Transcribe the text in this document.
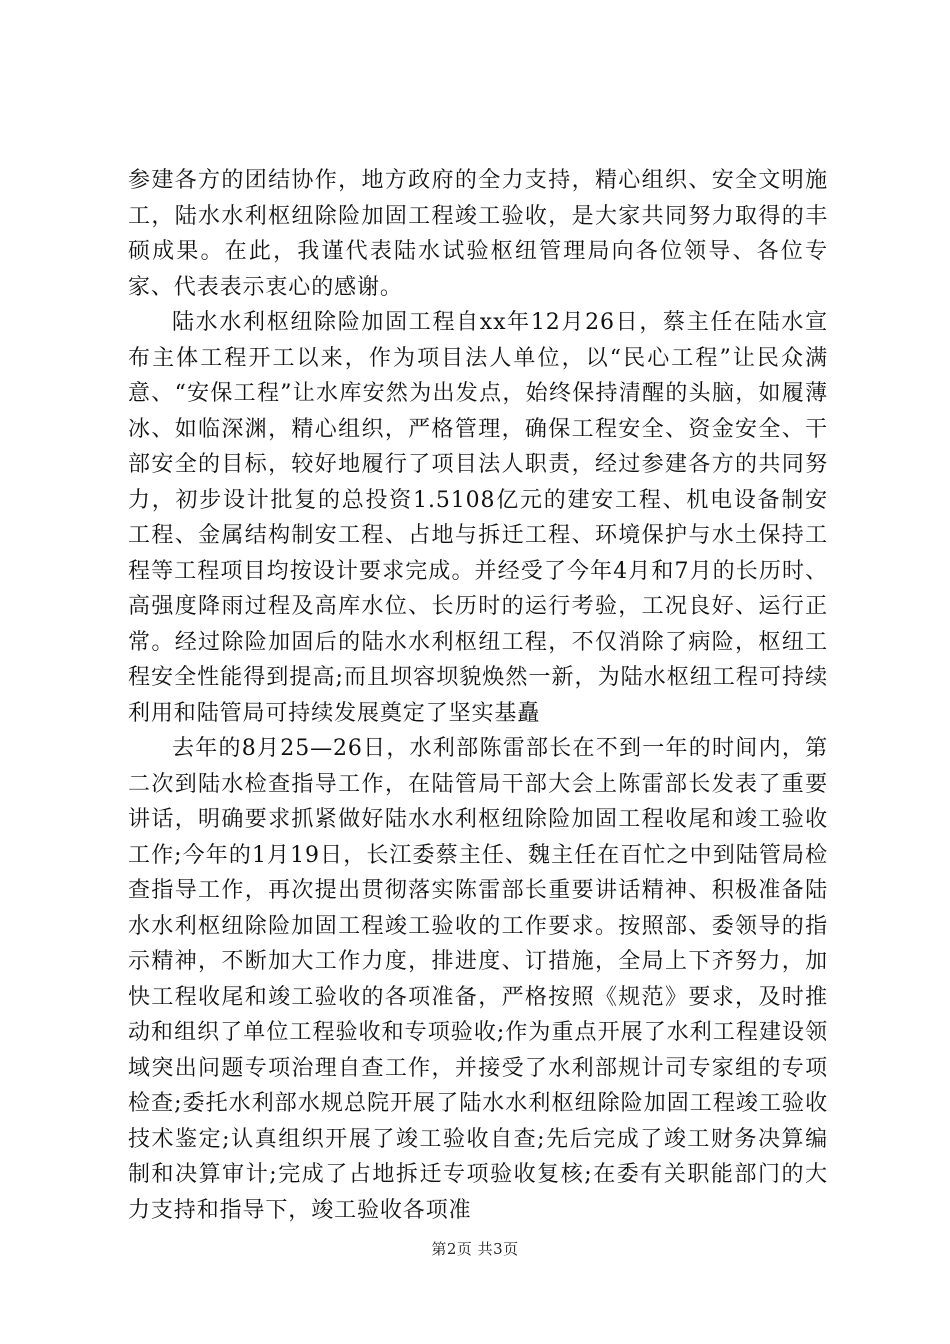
参建各方的团结协作，地方政府的全力支持，精心组织、安全文明施工，陆水水利枢纽除险加固工程竣工验收，是大家共同努力取得的丰硕成果。在此，我谨代表陆水试验枢纽管理局向各位领导、各位专家、代表表示衷心的感谢。

陆水水利枢纽除险加固工程自xx年12月26日，蔡主任在陆水宣布主体工程开工以来，作为项目法人单位，以“民心工程”让民众满意、“安保工程”让水库安然为出发点，始终保持清醒的头脑，如履薄冰、如临深渊，精心组织，严格管理，确保工程安全、资金安全、干部安全的目标，较好地履行了项目法人职责，经过参建各方的共同努力，初步设计批复的总投资1.5108亿元的建安工程、机电设备制安工程、金属结构制安工程、占地与拆迁工程、环境保护与水土保持工程等工程项目均按设计要求完成。并经受了今年4月和7月的长历时、高强度降雨过程及高库水位、长历时的运行考验，工况良好、运行正常。经过除险加固后的陆水水利枢纽工程，不仅消除了病险，枢纽工程安全性能得到提高;而且坝容坝貌焕然一新，为陆水枢纽工程可持续利用和陆管局可持续发展奠定了坚实基矗

去年的8月25—26日，水利部陈雷部长在不到一年的时间内，第二次到陆水检查指导工作，在陆管局干部大会上陈雷部长发表了重要讲话，明确要求抓紧做好陆水水利枢纽除险加固工程收尾和竣工验收工作;今年的1月19日，长江委蔡主任、魏主任在百忙之中到陆管局检查指导工作，再次提出贯彻落实陈雷部长重要讲话精神、积极准备陆水水利枢纽除险加固工程竣工验收的工作要求。按照部、委领导的指示精神，不断加大工作力度，排进度、订措施，全局上下齐努力，加快工程收尾和竣工验收的各项准备，严格按照《规范》要求，及时推动和组织了单位工程验收和专项验收;作为重点开展了水利工程建设领域突出问题专项治理自查工作，并接受了水利部规计司专家组的专项检查;委托水利部水规总院开展了陆水水利枢纽除险加固工程竣工验收技术鉴定;认真组织开展了竣工验收自查;先后完成了竣工财务决算编制和决算审计;完成了占地拆迁专项验收复核;在委有关职能部门的大力支持和指导下，竣工验收各项准

第2页 共3页
